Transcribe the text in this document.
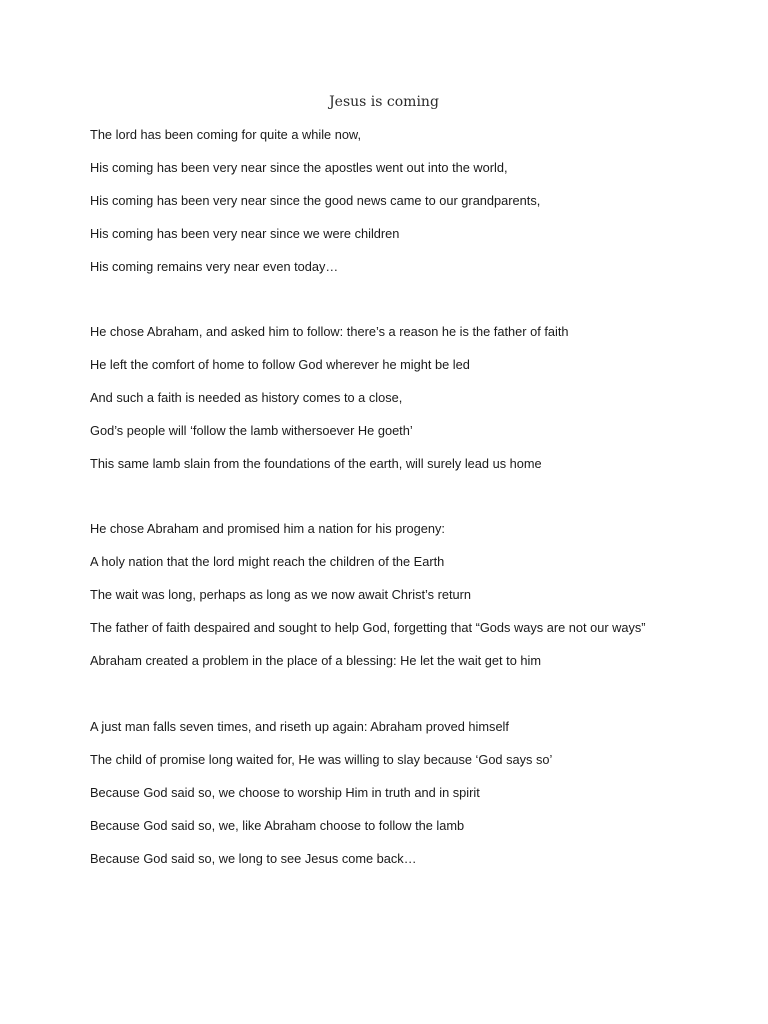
Jesus is coming
The lord has been coming for quite a while now,
His coming has been very near since the apostles went out into the world,
His coming has been very near since the good news came to our grandparents,
His coming has been very near since we were children
His coming remains very near even today…
He chose Abraham, and asked him to follow: there’s a reason he is the father of faith
He left the comfort of home to follow God wherever he might be led
And such a faith is needed as history comes to a close,
God’s people will ‘follow the lamb withersoever He goeth’
This same lamb slain from the foundations of the earth, will surely lead us home
He chose Abraham and promised him a nation for his progeny:
A holy nation that the lord might reach the children of the Earth
The wait was long, perhaps as long as we now await Christ’s return
The father of faith despaired and sought to help God, forgetting that “Gods ways are not our ways”
Abraham created a problem in the place of a blessing: He let the wait get to him
A just man falls seven times, and riseth up again: Abraham proved himself
The child of promise long waited for, He was willing to slay because ‘God says so’
Because God said so, we choose to worship Him in truth and in spirit
Because God said so, we, like Abraham choose to follow the lamb
Because God said so, we long to see Jesus come back…
